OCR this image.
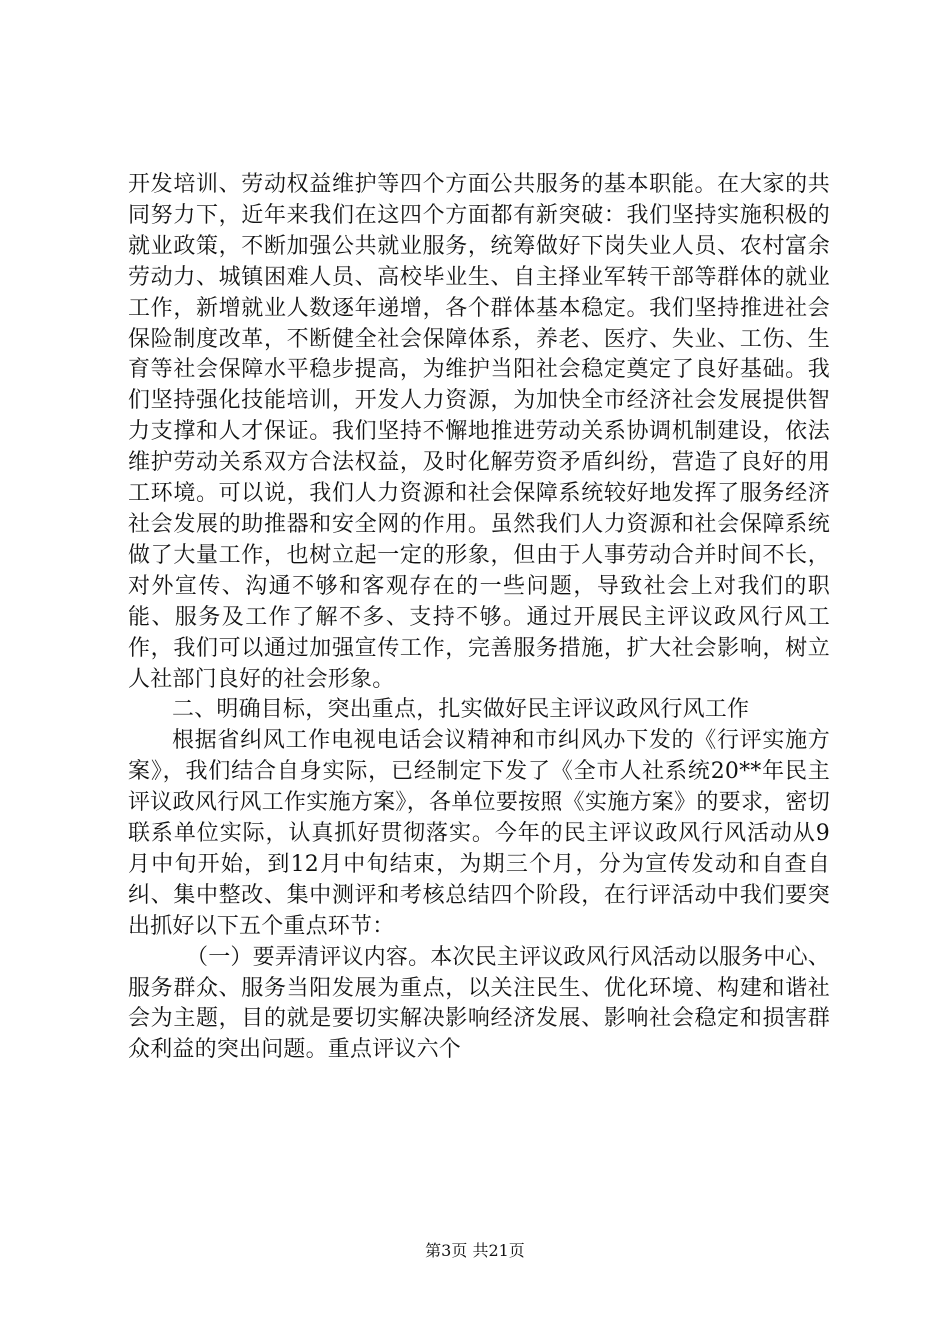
开发培训、劳动权益维护等四个方面公共服务的基本职能。在大家的共同努力下，近年来我们在这四个方面都有新突破：我们坚持实施积极的就业政策，不断加强公共就业服务，统筹做好下岗失业人员、农村富余劳动力、城镇困难人员、高校毕业生、自主择业军转干部等群体的就业工作，新增就业人数逐年递增，各个群体基本稳定。我们坚持推进社会保险制度改革，不断健全社会保障体系，养老、医疗、失业、工伤、生育等社会保障水平稳步提高，为维护当阳社会稳定奠定了良好基础。我们坚持强化技能培训，开发人力资源，为加快全市经济社会发展提供智力支撑和人才保证。我们坚持不懈地推进劳动关系协调机制建设，依法维护劳动关系双方合法权益，及时化解劳资矛盾纠纷，营造了良好的用工环境。可以说，我们人力资源和社会保障系统较好地发挥了服务经济社会发展的助推器和安全网的作用。虽然我们人力资源和社会保障系统做了大量工作，也树立起一定的形象，但由于人事劳动合并时间不长，对外宣传、沟通不够和客观存在的一些问题，导致社会上对我们的职能、服务及工作了解不多、支持不够。通过开展民主评议政风行风工作，我们可以通过加强宣传工作，完善服务措施，扩大社会影响，树立人社部门良好的社会形象。

二、明确目标，突出重点，扎实做好民主评议政风行风工作

根据省纠风工作电视电话会议精神和市纠风办下发的《行评实施方案》，我们结合自身实际，已经制定下发了《全市人社系统20**年民主评议政风行风工作实施方案》，各单位要按照《实施方案》的要求，密切联系单位实际，认真抓好贯彻落实。今年的民主评议政风行风活动从9月中旬开始，到12月中旬结束，为期三个月，分为宣传发动和自查自纠、集中整改、集中测评和考核总结四个阶段，在行评活动中我们要突出抓好以下五个重点环节：

（一）要弄清评议内容。本次民主评议政风行风活动以服务中心、服务群众、服务当阳发展为重点，以关注民生、优化环境、构建和谐社会为主题，目的就是要切实解决影响经济发展、影响社会稳定和损害群众利益的突出问题。重点评议六个

第3页 共21页
